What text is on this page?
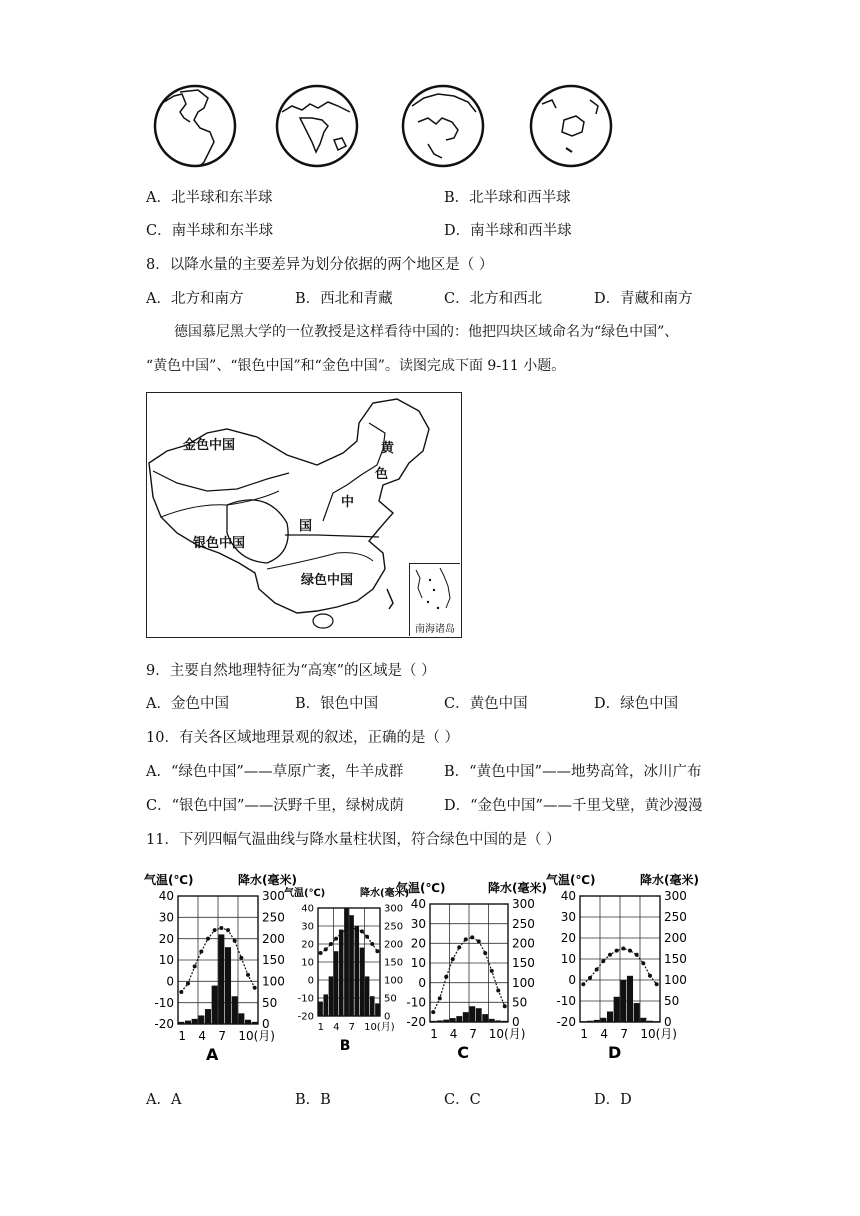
A．北半球和东半球	B．北半球和西半球
C．南半球和东半球	D．南半球和西半球
8．以降水量的主要差异为划分依据的两个地区是（ ）
A．北方和南方	B．西北和青藏	C．北方和西北	D．青藏和南方
德国慕尼黑大学的一位教授是这样看待中国的：他把四块区域命名为“绿色中国”、
“黄色中国”、“银色中国”和“金色中国”。读图完成下面 9-11 小题。
金色中国
银色中国
绿色中国
黄
色
中
国
南海诸岛
9．主要自然地理特征为“高寒”的区域是（ ）
A．金色中国	B．银色中国	C．黄色中国	D．绿色中国
10．有关各区域地理景观的叙述，正确的是（ ）
A．“绿色中国”——草原广袤，牛羊成群	B．“黄色中国”——地势高耸，冰川广布
C．“银色中国”——沃野千里，绿树成荫	D．“金色中国”——千里戈壁，黄沙漫漫
11．下列四幅气温曲线与降水量柱状图，符合绿色中国的是（ ）
气温(℃)	降水(毫米)
40
30
20
10
0
-10
-20
300
250
200
150
100
50
0
1 4 7 10(月)
A
气温(℃)	降水(毫米)
40
30
20
10
0
-10
-20
300
250
200
150
100
50
0
1 4 7 10(月)
B
气温(℃)	降水(毫米)
40
30
20
10
0
-10
-20
300
250
200
150
100
50
0
1 4 7 10(月)
C
气温(℃)	降水(毫米)
40
30
20
10
0
-10
-20
300
250
200
150
100
50
0
1 4 7 10(月)
D
A．A	B．B	C．C	D．D
